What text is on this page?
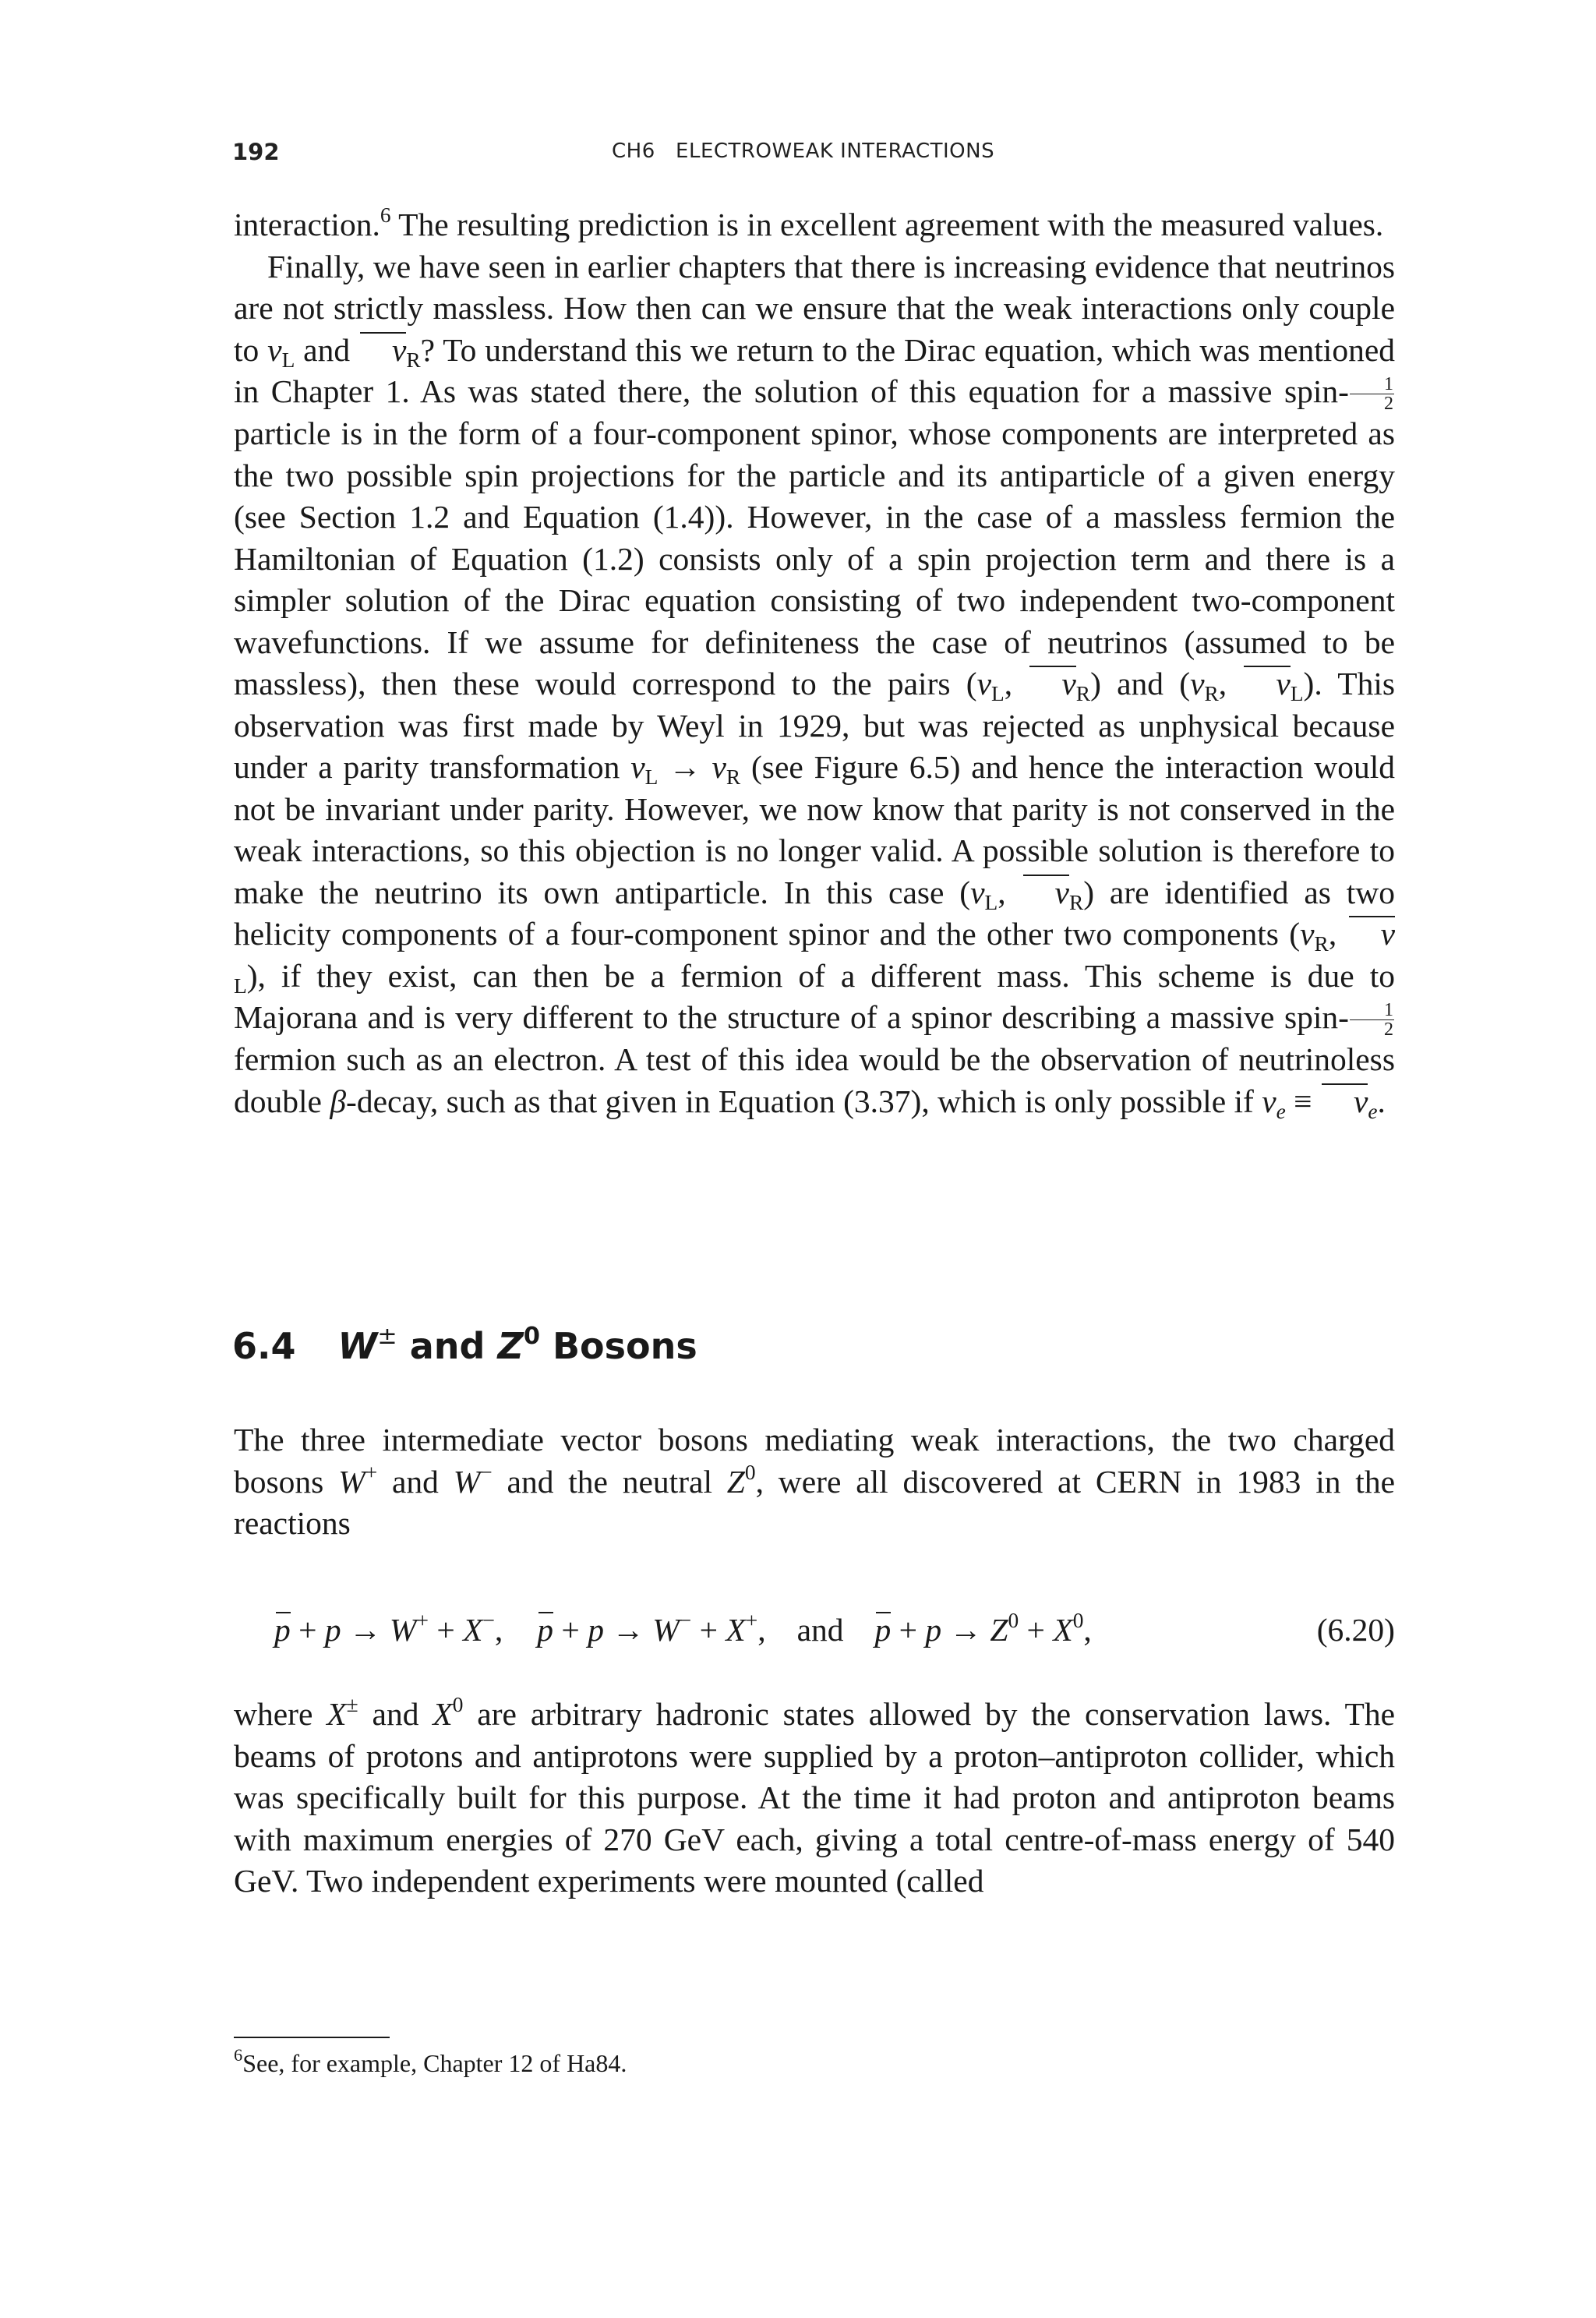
192	CH6   ELECTROWEAK INTERACTIONS

interaction.$^6$ The resulting prediction is in excellent agreement with the measured values.

Finally, we have seen in earlier chapters that there is increasing evidence that neutrinos are not strictly massless. How then can we ensure that the weak interactions only couple to $\nu_L$ and $\nu_R$? To understand this we return to the Dirac equation, which was mentioned in Chapter 1. As was stated there, the solution of this equation for a massive spin- $\frac{1}{2}$
particle is in the form of a four-component spinor, whose components are interpreted as the two possible spin projections for the particle and its antiparticle of a given energy (see Section 1.2 and Equation (1.4)). However, in the case of a massless fermion the Hamiltonian of Equation (1.2) consists only of a spin projection term and there is a simpler solution of the Dirac equation consisting of two independent two-component wavefunctions. If we assume for definiteness the case of neutrinos (assumed to be massless), then these would correspond to the pairs ($\nu_L$, $\nu_R$) and ($\nu_R$, $\nu_L$). This observation was first made by Weyl in 1929, but was rejected as unphysical because under a parity transformation $\nu_L \to \nu_R$ (see Figure 6.5) and hence the interaction would not be invariant under parity. However, we now know that parity is not conserved in the weak interactions, so this objection is no longer valid. A possible solution is therefore to make the neutrino its own antiparticle. In this case ($\nu_L$, $\nu_R$) are identified as two helicity components of a four-component spinor and the other two components ($\nu_R$, $\nu_L$), if they exist, can then be a fermion of a different mass. This scheme is due to Majorana and is very different to the structure of a spinor describing a massive spin- $\frac{1}{2}$
fermion such as an electron. A test of this idea would be the observation of neutrinoless double β-decay, such as that given in Equation (3.37), which is only possible if $\nu_e \equiv \nu_e$.

6.4 W± and $Z^0$ Bosons

The three intermediate vector bosons mediating weak interactions, the two charged bosons W+ and W− and the neutral $Z^0$, were all discovered at CERN in 1983 in the reactions

p + p → W+ + X−, p + p → W− + X+, and $p + p \to Z^0 + X^0$,	(6.20)

where X± and $X^0$ are arbitrary hadronic states allowed by the conservation laws. The beams of protons and antiprotons were supplied by a proton–antiproton collider, which was specifically built for this purpose. At the time it had proton and antiproton beams with maximum energies of 270 GeV each, giving a total centre-of-mass energy of 540 GeV. Two independent experiments were mounted (called

$^6$See, for example, Chapter 12 of Ha84.
